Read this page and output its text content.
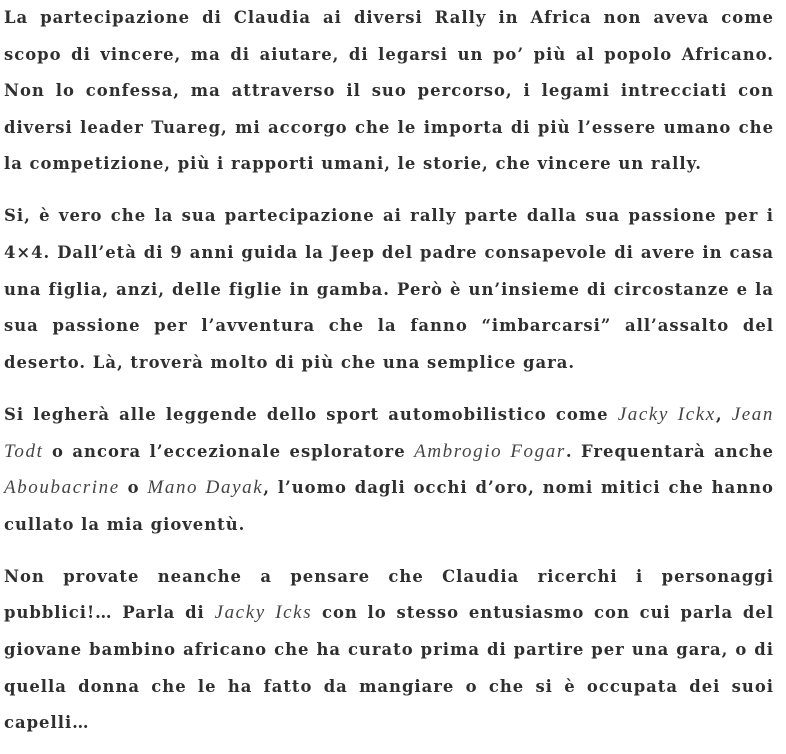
La partecipazione di Claudia ai diversi Rally in Africa non aveva come scopo di vincere, ma di aiutare, di legarsi un po’ più al popolo Africano. Non lo confessa, ma attraverso il suo percorso, i legami intrecciati con diversi leader Tuareg, mi accorgo che le importa di più l’essere umano che la competizione, più i rapporti umani, le storie, che vincere un rally.

Si, è vero che la sua partecipazione ai rally parte dalla sua passione per i 4×4. Dall’età di 9 anni guida la Jeep del padre consapevole di avere in casa una figlia, anzi, delle figlie in gamba. Però è un’insieme di circostanze e la sua passione per l’avventura che la fanno “imbarcarsi” all’assalto del deserto. Là, troverà molto di più che una semplice gara.

Si legherà alle leggende dello sport automobilistico come Jacky Ickx, Jean Todt o ancora l’eccezionale esploratore Ambrogio Fogar. Frequentarà anche Aboubacrine o Mano Dayak, l’uomo dagli occhi d’oro, nomi mitici che hanno cullato la mia gioventù.

Non provate neanche a pensare che Claudia ricerchi i personaggi pubblici!… Parla di Jacky Icks con lo stesso entusiasmo con cui parla del giovane bambino africano che ha curato prima di partire per una gara, o di quella donna che le ha fatto da mangiare o che si è occupata dei suoi capelli…
